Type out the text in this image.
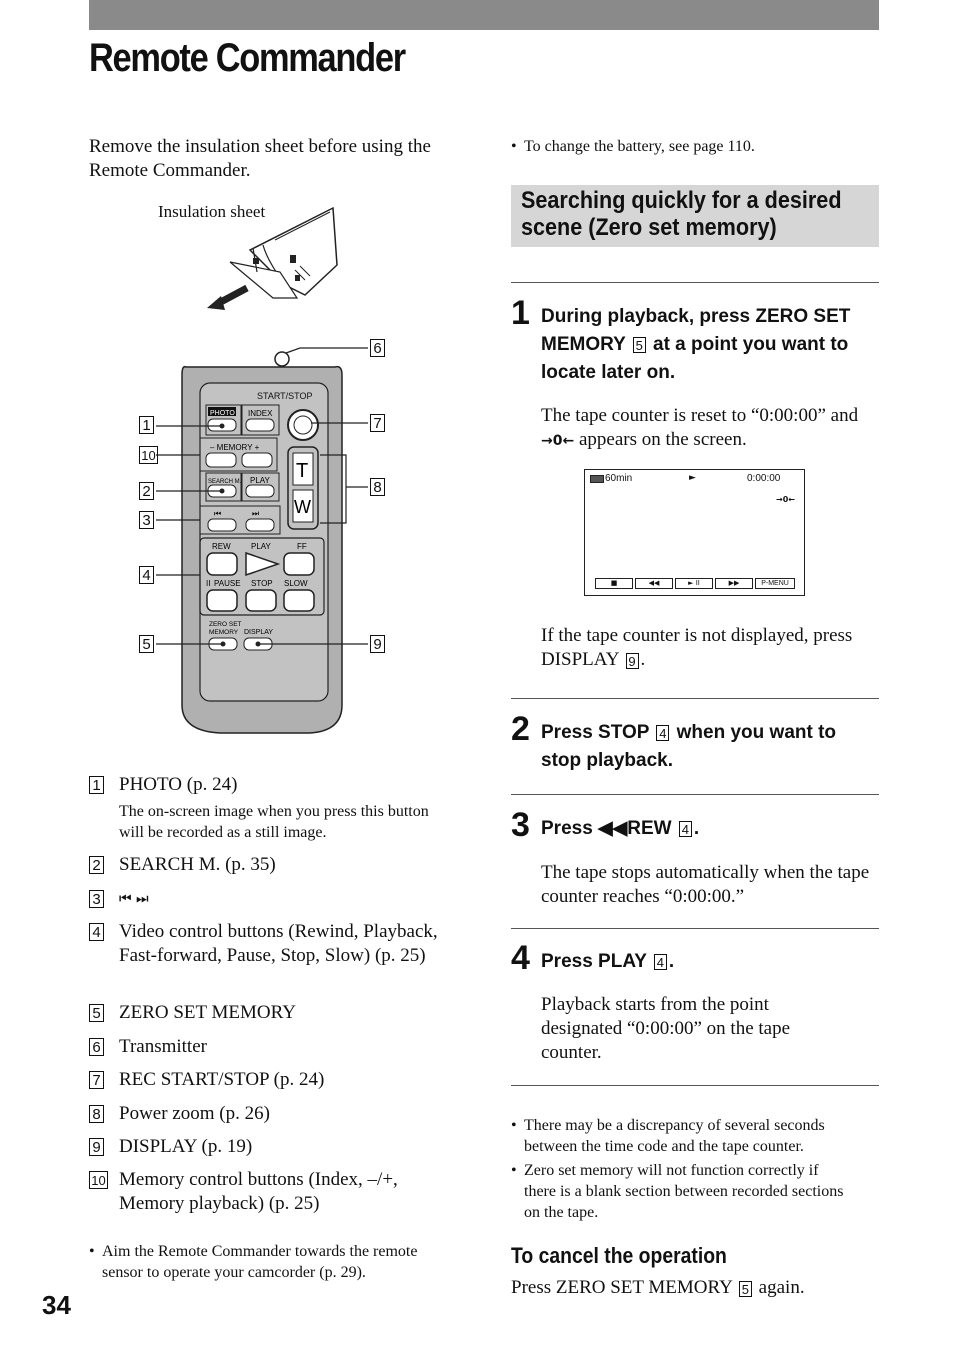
Remote Commander
Remove the insulation sheet before using the Remote Commander.
Insulation sheet
START/STOP
PHOTO INDEX
– MEMORY +
T
W
SEARCH M. PLAY
⏮	⏭
REW	PLAY	FF
II PAUSE STOP SLOW
ZERO SET
MEMORY DISPLAY
1
10
2
3
4
5
6
7
8
9
1 PHOTO (p. 24)
The on-screen image when you press this button will be recorded as a still image.
2 SEARCH M. (p. 35)
3 ⏮ ⏭
4 Video control buttons (Rewind, Playback, Fast-forward, Pause, Stop, Slow) (p. 25)
5 ZERO SET MEMORY
6 Transmitter
7 REC START/STOP (p. 24)
8 Power zoom (p. 26)
9 DISPLAY (p. 19)
10 Memory control buttons (Index, –/+, Memory playback) (p. 25)
• Aim the Remote Commander towards the remote sensor to operate your camcorder (p. 29).
34
• To change the battery, see page 110.
Searching quickly for a desired
scene (Zero set memory)
1 During playback, press ZERO SET MEMORY 5 at a point you want to locate later on.
The tape counter is reset to “0:00:00” and →0← appears on the screen.
60min	►	0:00:00
→0←
■	◀◀	► II	▶▶	P-MENU
If the tape counter is not displayed, press DISPLAY 9 .
2 Press STOP 4 when you want to stop playback.
3 Press ◀◀REW 4 .
The tape stops automatically when the tape counter reaches “0:00:00.”
4 Press PLAY 4 .
Playback starts from the point designated “0:00:00” on the tape counter.
• There may be a discrepancy of several seconds between the time code and the tape counter.
• Zero set memory will not function correctly if there is a blank section between recorded sections on the tape.
To cancel the operation
Press ZERO SET MEMORY 5 again.
